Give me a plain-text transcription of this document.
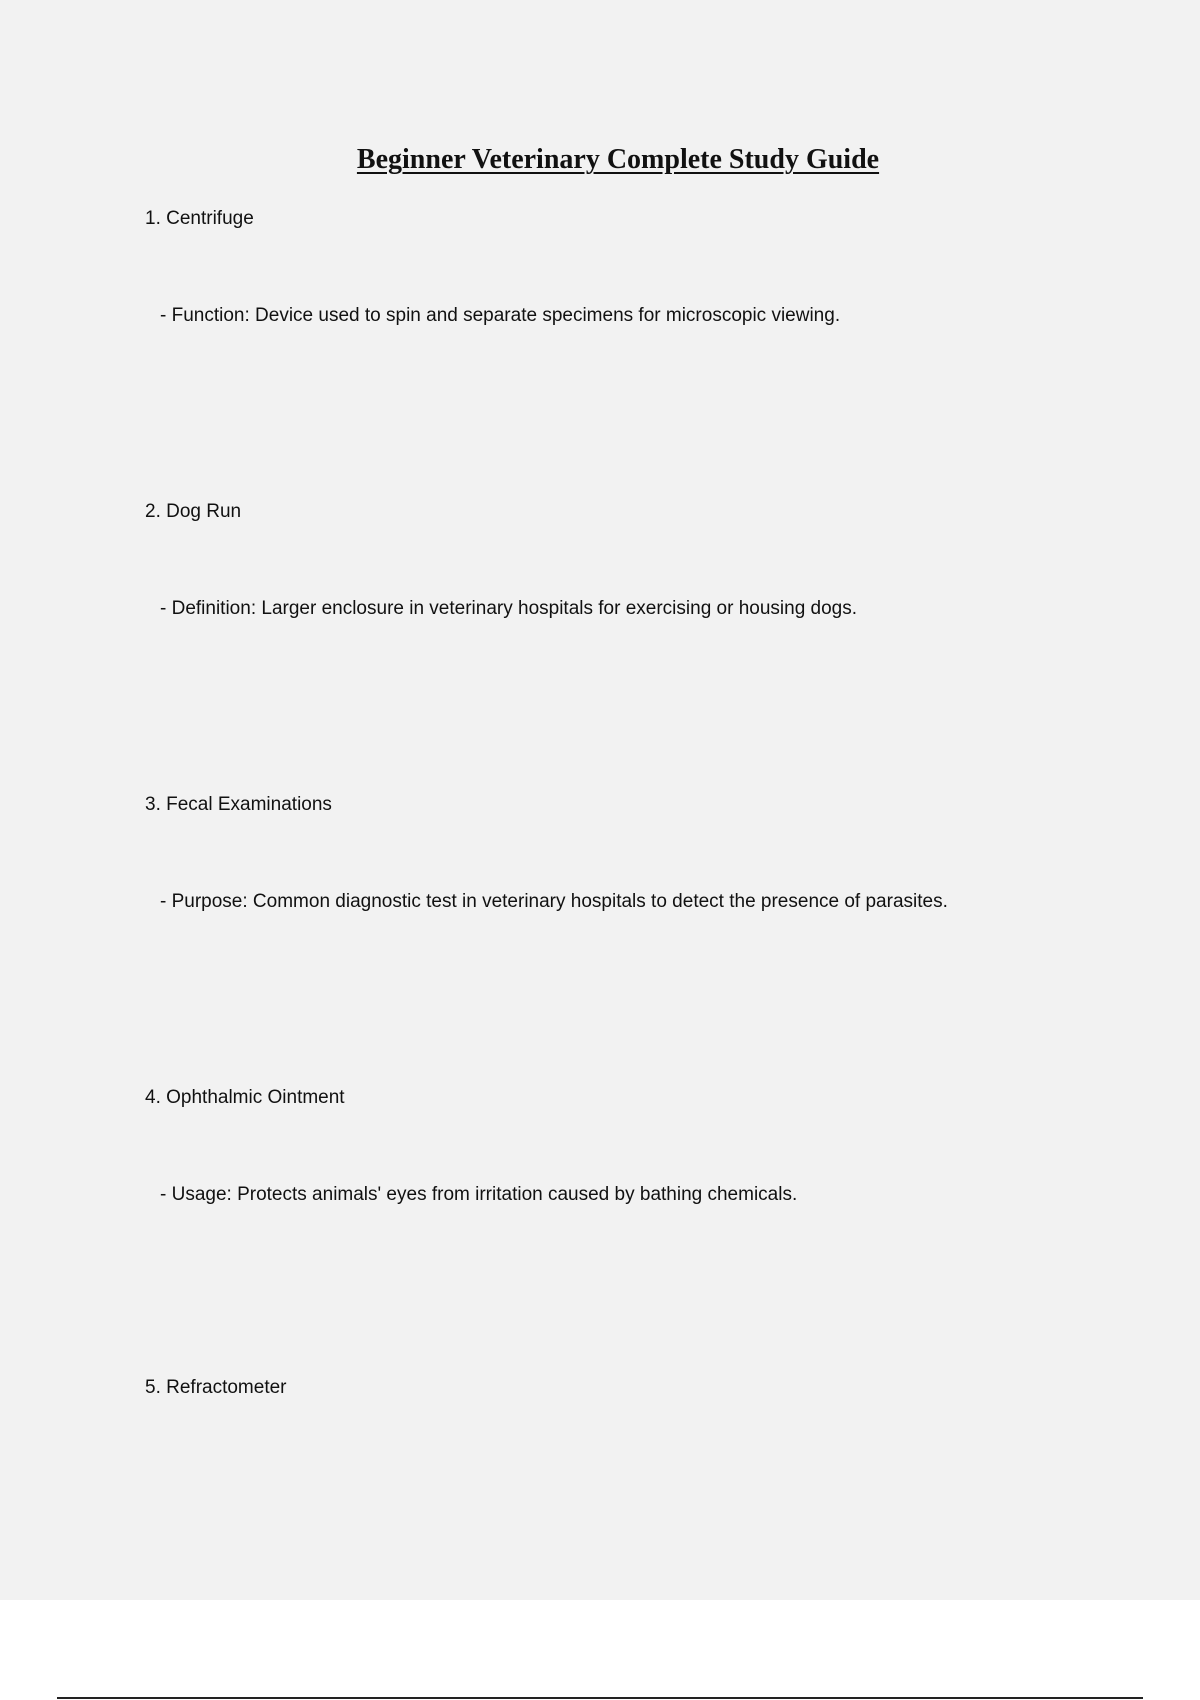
Beginner Veterinary Complete Study Guide

1. Centrifuge

- Function: Device used to spin and separate specimens for microscopic viewing.

2. Dog Run

- Definition: Larger enclosure in veterinary hospitals for exercising or housing dogs.

3. Fecal Examinations

- Purpose: Common diagnostic test in veterinary hospitals to detect the presence of parasites.

4. Ophthalmic Ointment

- Usage: Protects animals' eyes from irritation caused by bathing chemicals.

5. Refractometer
